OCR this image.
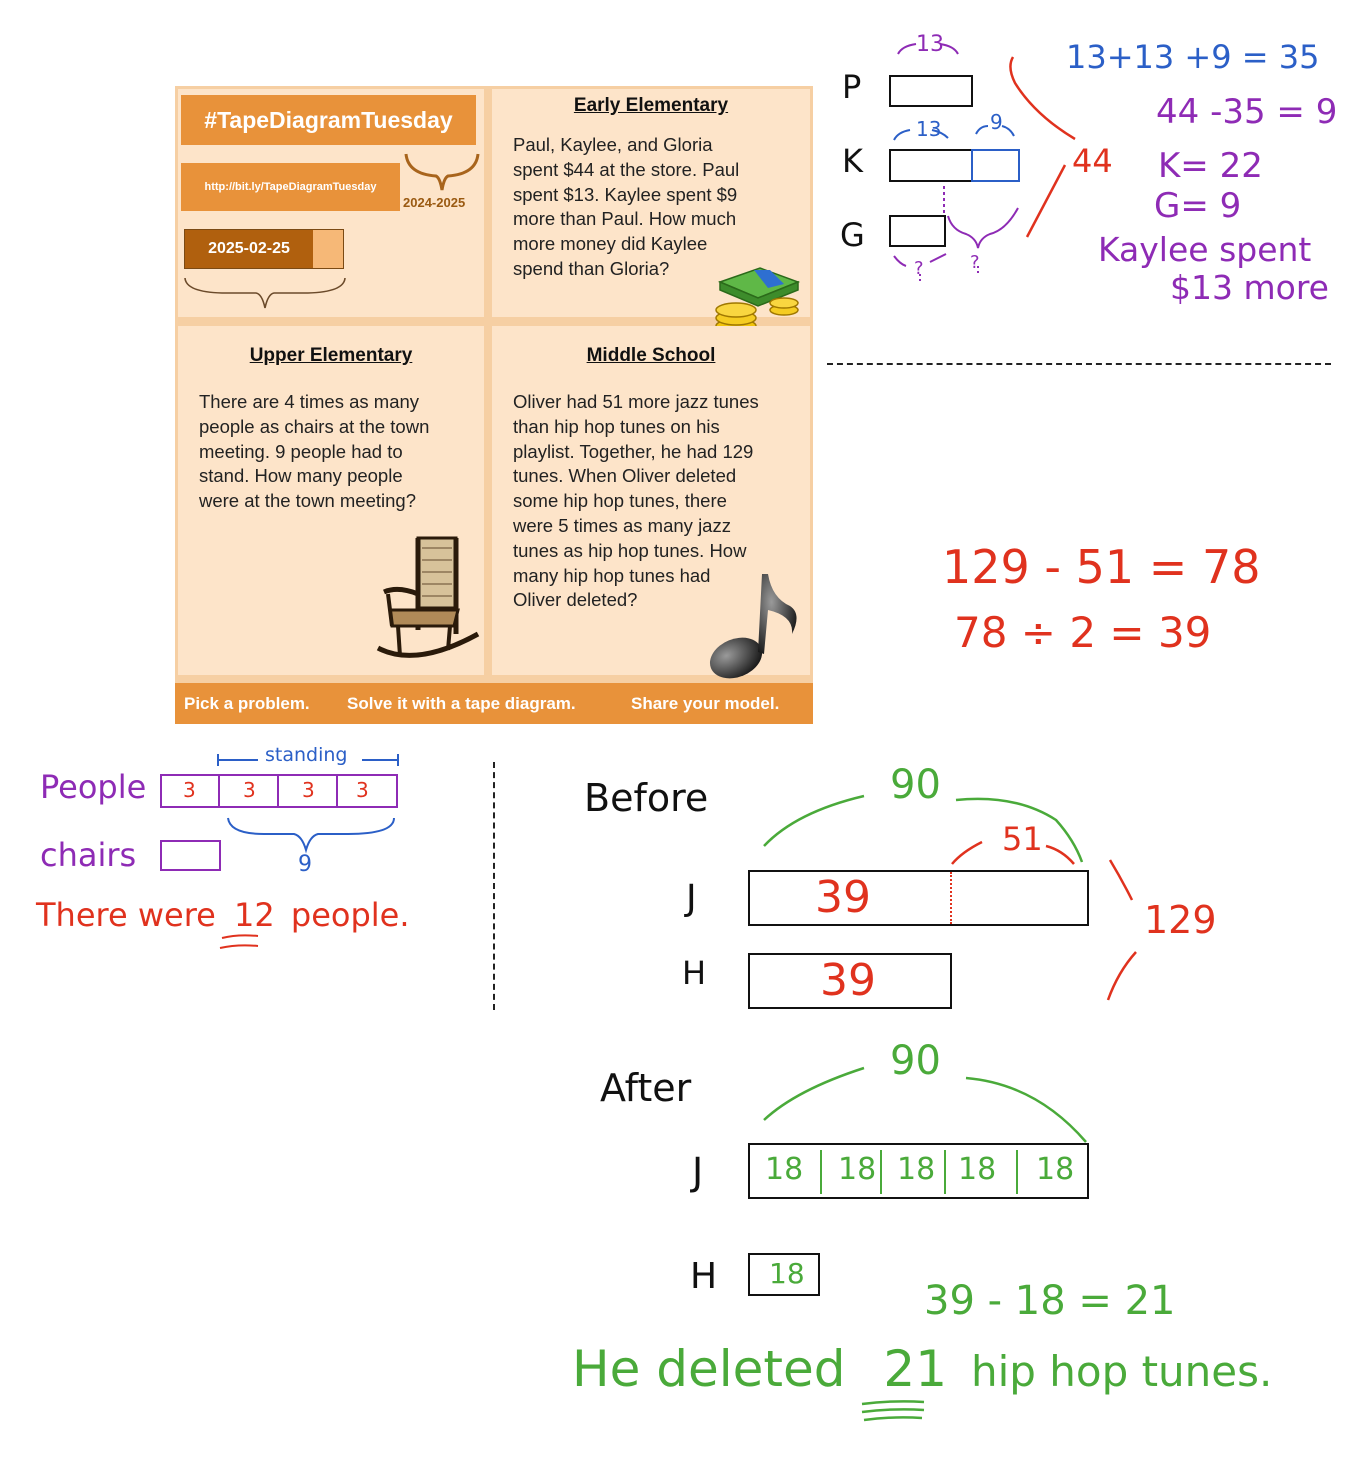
#TapeDiagramTuesday
http://bit.ly/TapeDiagramTuesday
2024-2025
2025-02-25
Early Elementary
Paul, Kaylee, and Gloria
spent $44 at the store. Paul
spent $13. Kaylee spent $9
more than Paul. How much
more money did Kaylee
spend than Gloria?
Upper Elementary
There are 4 times as many
people as chairs at the town
meeting. 9 people had to
stand. How many people
were at the town meeting?
Middle School
Oliver had 51 more jazz tunes
than hip hop tunes on his
playlist. Together, he had 129
tunes. When Oliver deleted
some hip hop tunes, there
were 5 times as many jazz
tunes as hip hop tunes. How
many hip hop tunes had
Oliver deleted?
Pick a problem. Solve it with a tape diagram.	Share your model.
P
K
G
13
13 9
?	?
44
13+13 +9 = 35
44 -35 = 9
K= 22
G= 9
Kaylee spent
$13 more
129 - 51 = 78
78 ÷ 2 = 39
People
chairs
3 3 3 3
standing
9
There were 12 people.
Before
After
J
H
J
H
39
39
90
51
129
18 18 18 18 18
90
18
39 - 18 = 21
He deleted 21 hip hop tunes.
